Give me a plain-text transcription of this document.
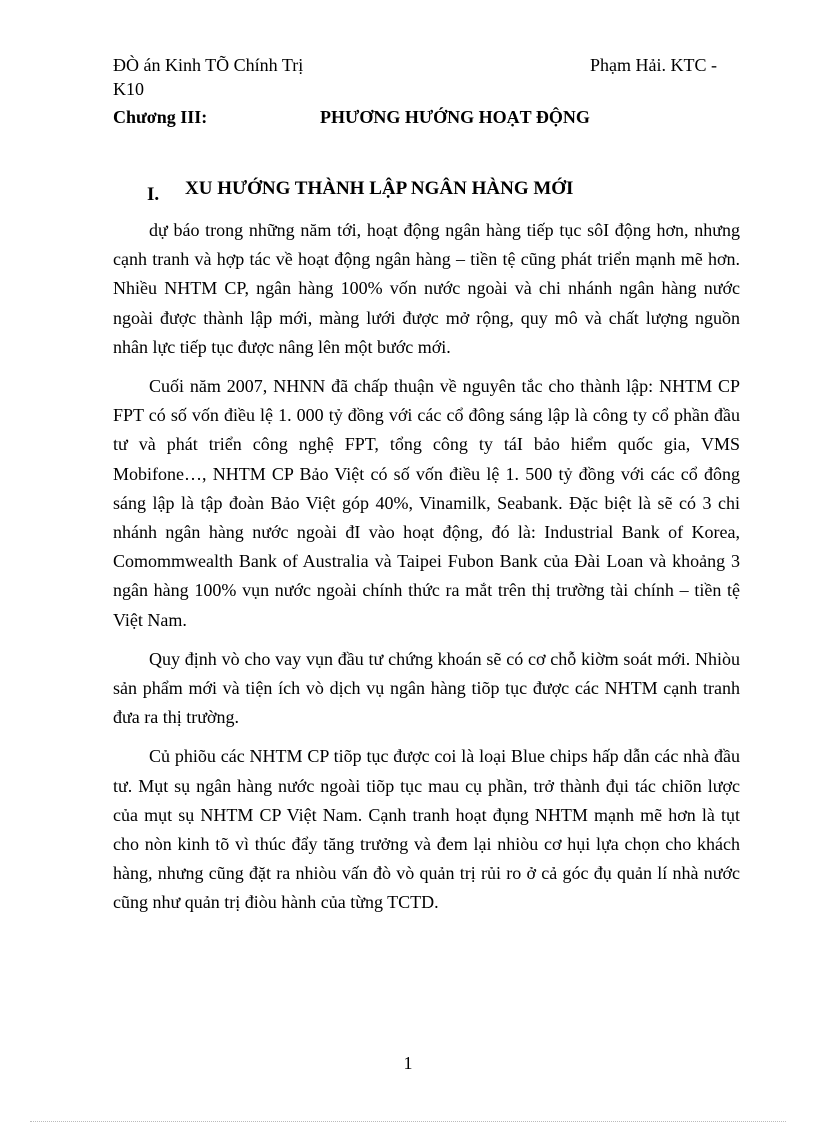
ĐÒ án Kinh TÕ Chính Trị	Phạm Hải. KTC -
K10
Chương III:	PHƯƠNG HƯỚNG HOẠT ĐỘNG
I. XU HƯỚNG THÀNH LẬP NGÂN HÀNG MỚI

dự báo trong những năm tới, hoạt động ngân hàng tiếp tục sôI động hơn, nhưng cạnh tranh và hợp tác về hoạt động ngân hàng – tiền tệ cũng phát triển mạnh mẽ hơn. Nhiều NHTM CP, ngân hàng 100% vốn nước ngoài và chi nhánh ngân hàng nước ngoài được thành lập mới, màng lưới được mở rộng, quy mô và chất lượng nguồn nhân lực tiếp tục được nâng lên một bước mới.

Cuối năm 2007, NHNN đã chấp thuận về nguyên tắc cho thành lập: NHTM CP FPT có số vốn điều lệ 1. 000 tỷ đồng với các cổ đông sáng lập là công ty cổ phần đầu tư và phát triển công nghệ FPT, tổng công ty táI bảo hiểm quốc gia, VMS Mobifone…, NHTM CP Bảo Việt có số vốn điều lệ 1. 500 tỷ đồng với các cổ đông sáng lập là tập đoàn Bảo Việt góp 40%, Vinamilk, Seabank. Đặc biệt là sẽ có 3 chi nhánh ngân hàng nước ngoài đI vào hoạt động, đó là: Industrial Bank of Korea, Comommwealth Bank of Australia và Taipei Fubon Bank của Đài Loan và khoảng 3 ngân hàng 100% vụn nước ngoài chính thức ra mắt trên thị trường tài chính – tiền tệ Việt Nam.

Quy định vò cho vay vụn đầu tư chứng khoán sẽ có cơ chỗ kiờm soát mới. Nhiòu sản phẩm mới và tiện ích vò dịch vụ ngân hàng tiõp tục được các NHTM cạnh tranh đưa ra thị trường.

Củ phiõu các NHTM CP tiõp tục được coi là loại Blue chips hấp dẫn các nhà đầu tư. Mụt sụ ngân hàng nước ngoài tiõp tục mau cụ phần, trở thành đụi tác chiõn lược của mụt sụ NHTM CP Việt Nam. Cạnh tranh hoạt đụng NHTM mạnh mẽ hơn là tụt cho nòn kinh tõ vì thúc đẩy tăng trưởng và đem lại nhiòu cơ hụi lựa chọn cho khách hàng, nhưng cũng đặt ra nhiòu vấn đò vò quản trị rủi ro ở cả góc đụ quản lí nhà nước cũng như quản trị điòu hành của từng TCTD.

1
